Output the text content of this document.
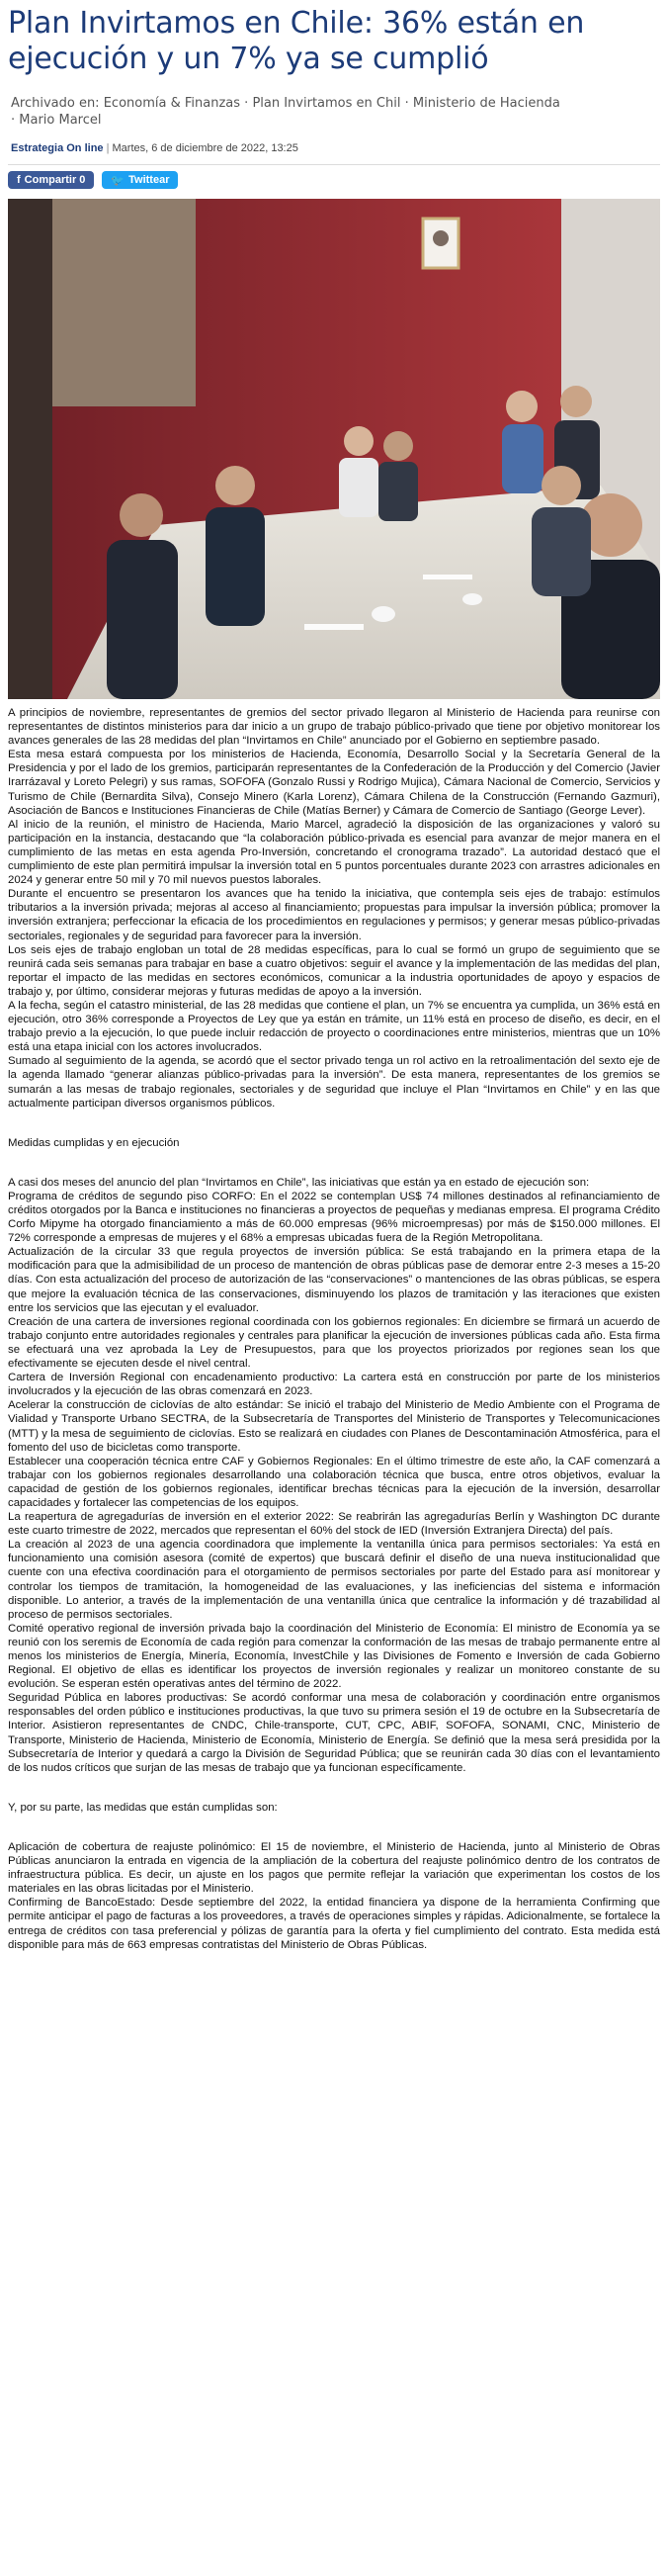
Plan Invirtamos en Chile: 36% están en ejecución y un 7% ya se cumplió
Archivado en: Economía & Finanzas · Plan Invirtamos en Chil · Ministerio de Hacienda
· Mario Marcel
Estrategia On line | Martes, 6 de diciembre de 2022, 13:25
f Compartir 0 🐦 Twittear

A principios de noviembre, representantes de gremios del sector privado llegaron al Ministerio de Hacienda para reunirse con representantes de distintos ministerios para dar inicio a un grupo de trabajo público-privado que tiene por objetivo monitorear los avances generales de las 28 medidas del plan “Invirtamos en Chile” anunciado por el Gobierno en septiembre pasado.

Esta mesa estará compuesta por los ministerios de Hacienda, Economía, Desarrollo Social y la Secretaría General de la Presidencia y por el lado de los gremios, participarán representantes de la Confederación de la Producción y del Comercio (Javier Irarrázaval y Loreto Pelegri) y sus ramas, SOFOFA (Gonzalo Russi y Rodrigo Mujica), Cámara Nacional de Comercio, Servicios y Turismo de Chile (Bernardita Silva), Consejo Minero (Karla Lorenz), Cámara Chilena de la Construcción (Fernando Gazmuri), Asociación de Bancos e Instituciones Financieras de Chile (Matías Berner) y Cámara de Comercio de Santiago (George Lever).

Al inicio de la reunión, el ministro de Hacienda, Mario Marcel, agradeció la disposición de las organizaciones y valoró su participación en la instancia, destacando que “la colaboración público-privada es esencial para avanzar de mejor manera en el cumplimiento de las metas en esta agenda Pro-Inversión, concretando el cronograma trazado”. La autoridad destacó que el cumplimiento de este plan permitirá impulsar la inversión total en 5 puntos porcentuales durante 2023 con arrastres adicionales en 2024 y generar entre 50 mil y 70 mil nuevos puestos laborales.

Durante el encuentro se presentaron los avances que ha tenido la iniciativa, que contempla seis ejes de trabajo: estímulos tributarios a la inversión privada; mejoras al acceso al financiamiento; propuestas para impulsar la inversión pública; promover la inversión extranjera; perfeccionar la eficacia de los procedimientos en regulaciones y permisos; y generar mesas público-privadas sectoriales, regionales y de seguridad para favorecer para la inversión.

Los seis ejes de trabajo engloban un total de 28 medidas específicas, para lo cual se formó un grupo de seguimiento que se reunirá cada seis semanas para trabajar en base a cuatro objetivos: seguir el avance y la implementación de las medidas del plan, reportar el impacto de las medidas en sectores económicos, comunicar a la industria oportunidades de apoyo y espacios de trabajo y, por último, considerar mejoras y futuras medidas de apoyo a la inversión.

A la fecha, según el catastro ministerial, de las 28 medidas que contiene el plan, un 7% se encuentra ya cumplida, un 36% está en ejecución, otro 36% corresponde a Proyectos de Ley que ya están en trámite, un 11% está en proceso de diseño, es decir, en el trabajo previo a la ejecución, lo que puede incluir redacción de proyecto o coordinaciones entre ministerios, mientras que un 10% está una etapa inicial con los actores involucrados.

Sumado al seguimiento de la agenda, se acordó que el sector privado tenga un rol activo en la retroalimentación del sexto eje de la agenda llamado “generar alianzas público-privadas para la inversión”. De esta manera, representantes de los gremios se sumarán a las mesas de trabajo regionales, sectoriales y de seguridad que incluye el Plan “Invirtamos en Chile” y en las que actualmente participan diversos organismos públicos.

Medidas cumplidas y en ejecución

A casi dos meses del anuncio del plan “Invirtamos en Chile”, las iniciativas que están ya en estado de ejecución son:

Programa de créditos de segundo piso CORFO: En el 2022 se contemplan US$ 74 millones destinados al refinanciamiento de créditos otorgados por la Banca e instituciones no financieras a proyectos de pequeñas y medianas empresa. El programa Crédito Corfo Mipyme ha otorgado financiamiento a más de 60.000 empresas (96% microempresas) por más de $150.000 millones. El 72% corresponde a empresas de mujeres y el 68% a empresas ubicadas fuera de la Región Metropolitana.

Actualización de la circular 33 que regula proyectos de inversión pública: Se está trabajando en la primera etapa de la modificación para que la admisibilidad de un proceso de mantención de obras públicas pase de demorar entre 2-3 meses a 15-20 días. Con esta actualización del proceso de autorización de las “conservaciones” o mantenciones de las obras públicas, se espera que mejore la evaluación técnica de las conservaciones, disminuyendo los plazos de tramitación y las iteraciones que existen entre los servicios que las ejecutan y el evaluador.

Creación de una cartera de inversiones regional coordinada con los gobiernos regionales: En diciembre se firmará un acuerdo de trabajo conjunto entre autoridades regionales y centrales para planificar la ejecución de inversiones públicas cada año. Esta firma se efectuará una vez aprobada la Ley de Presupuestos, para que los proyectos priorizados por regiones sean los que efectivamente se ejecuten desde el nivel central.

Cartera de Inversión Regional con encadenamiento productivo: La cartera está en construcción por parte de los ministerios involucrados y la ejecución de las obras comenzará en 2023.

Acelerar la construcción de ciclovías de alto estándar: Se inició el trabajo del Ministerio de Medio Ambiente con el Programa de Vialidad y Transporte Urbano SECTRA, de la Subsecretaría de Transportes del Ministerio de Transportes y Telecomunicaciones (MTT) y la mesa de seguimiento de ciclovías. Esto se realizará en ciudades con Planes de Descontaminación Atmosférica, para el fomento del uso de bicicletas como transporte.

Establecer una cooperación técnica entre CAF y Gobiernos Regionales: En el último trimestre de este año, la CAF comenzará a trabajar con los gobiernos regionales desarrollando una colaboración técnica que busca, entre otros objetivos, evaluar la capacidad de gestión de los gobiernos regionales, identificar brechas técnicas para la ejecución de la inversión, desarrollar capacidades y fortalecer las competencias de los equipos.

La reapertura de agregadurías de inversión en el exterior 2022: Se reabrirán las agregadurías Berlín y Washington DC durante este cuarto trimestre de 2022, mercados que representan el 60% del stock de IED (Inversión Extranjera Directa) del país.

La creación al 2023 de una agencia coordinadora que implemente la ventanilla única para permisos sectoriales: Ya está en funcionamiento una comisión asesora (comité de expertos) que buscará definir el diseño de una nueva institucionalidad que cuente con una efectiva coordinación para el otorgamiento de permisos sectoriales por parte del Estado para así monitorear y controlar los tiempos de tramitación, la homogeneidad de las evaluaciones, y las ineficiencias del sistema e información disponible. Lo anterior, a través de la implementación de una ventanilla única que centralice la información y dé trazabilidad al proceso de permisos sectoriales.

Comité operativo regional de inversión privada bajo la coordinación del Ministerio de Economía: El ministro de Economía ya se reunió con los seremis de Economía de cada región para comenzar la conformación de las mesas de trabajo permanente entre al menos los ministerios de Energía, Minería, Economía, InvestChile y las Divisiones de Fomento e Inversión de cada Gobierno Regional. El objetivo de ellas es identificar los proyectos de inversión regionales y realizar un monitoreo constante de su evolución. Se esperan estén operativas antes del término de 2022.

Seguridad Pública en labores productivas: Se acordó conformar una mesa de colaboración y coordinación entre organismos responsables del orden público e instituciones productivas, la que tuvo su primera sesión el 19 de octubre en la Subsecretaría de Interior. Asistieron representantes de CNDC, Chile-transporte, CUT, CPC, ABIF, SOFOFA, SONAMI, CNC, Ministerio de Transporte, Ministerio de Hacienda, Ministerio de Economía, Ministerio de Energía. Se definió que la mesa será presidida por la Subsecretaría de Interior y quedará a cargo la División de Seguridad Pública; que se reunirán cada 30 días con el levantamiento de los nudos críticos que surjan de las mesas de trabajo que ya funcionan específicamente.

Y, por su parte, las medidas que están cumplidas son:

Aplicación de cobertura de reajuste polinómico: El 15 de noviembre, el Ministerio de Hacienda, junto al Ministerio de Obras Públicas anunciaron la entrada en vigencia de la ampliación de la cobertura del reajuste polinómico dentro de los contratos de infraestructura pública. Es decir, un ajuste en los pagos que permite reflejar la variación que experimentan los costos de los materiales en las obras licitadas por el Ministerio.

Confirming de BancoEstado: Desde septiembre del 2022, la entidad financiera ya dispone de la herramienta Confirming que permite anticipar el pago de facturas a los proveedores, a través de operaciones simples y rápidas. Adicionalmente, se fortalece la entrega de créditos con tasa preferencial y pólizas de garantía para la oferta y fiel cumplimiento del contrato. Esta medida está disponible para más de 663 empresas contratistas del Ministerio de Obras Públicas.
